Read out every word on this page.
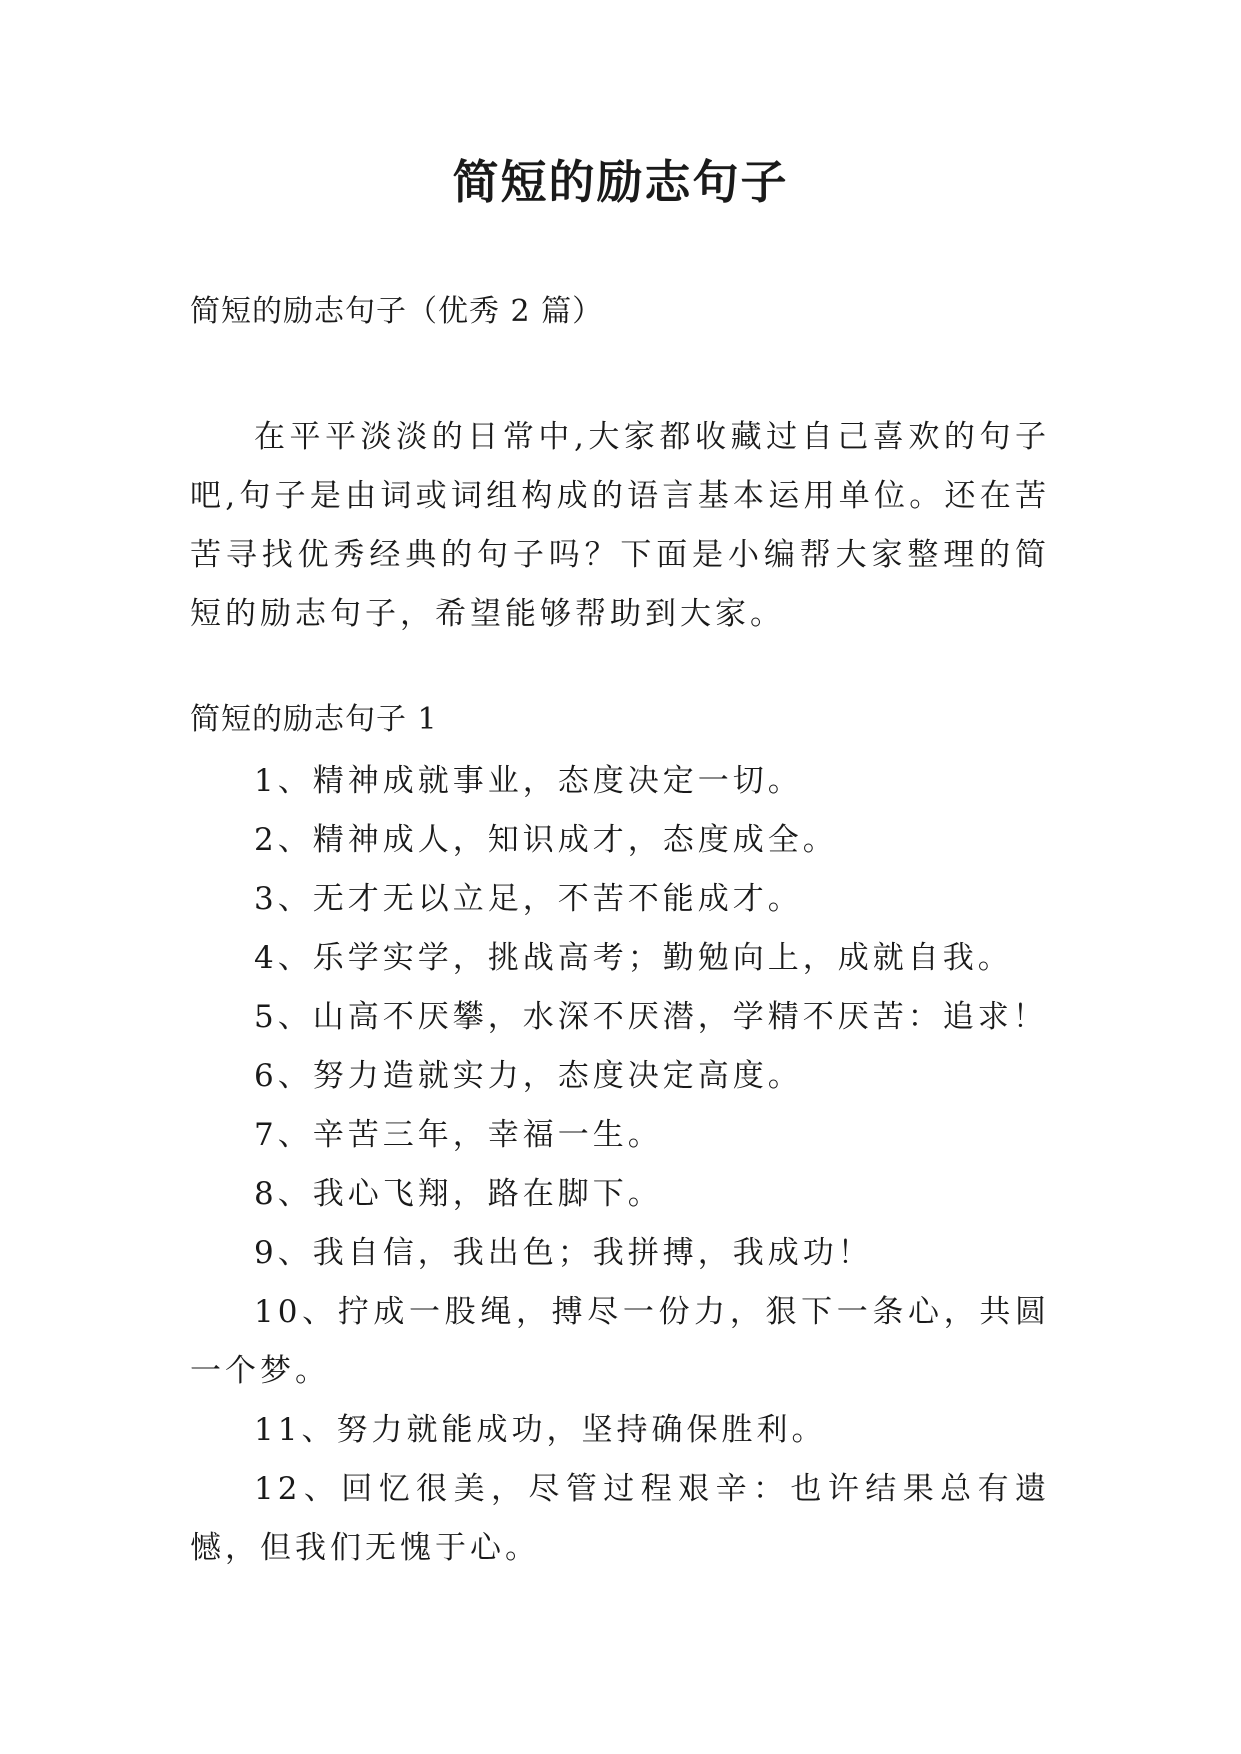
简短的励志句子
简短的励志句子（优秀 2 篇）

在平平淡淡的日常中,大家都收藏过自己喜欢的句子吧,句子是由词或词组构成的语言基本运用单位。还在苦苦寻找优秀经典的句子吗？下面是小编帮大家整理的简短的励志句子，希望能够帮助到大家。

简短的励志句子 1
1、精神成就事业，态度决定一切。
2、精神成人，知识成才，态度成全。
3、无才无以立足，不苦不能成才。
4、乐学实学，挑战高考；勤勉向上，成就自我。
5、山高不厌攀，水深不厌潜，学精不厌苦：追求！
6、努力造就实力，态度决定高度。
7、辛苦三年，幸福一生。
8、我心飞翔，路在脚下。
9、我自信，我出色；我拼搏，我成功！
10、拧成一股绳，搏尽一份力，狠下一条心，共圆一个梦。
11、努力就能成功，坚持确保胜利。
12、回忆很美，尽管过程艰辛：也许结果总有遗憾，但我们无愧于心。
